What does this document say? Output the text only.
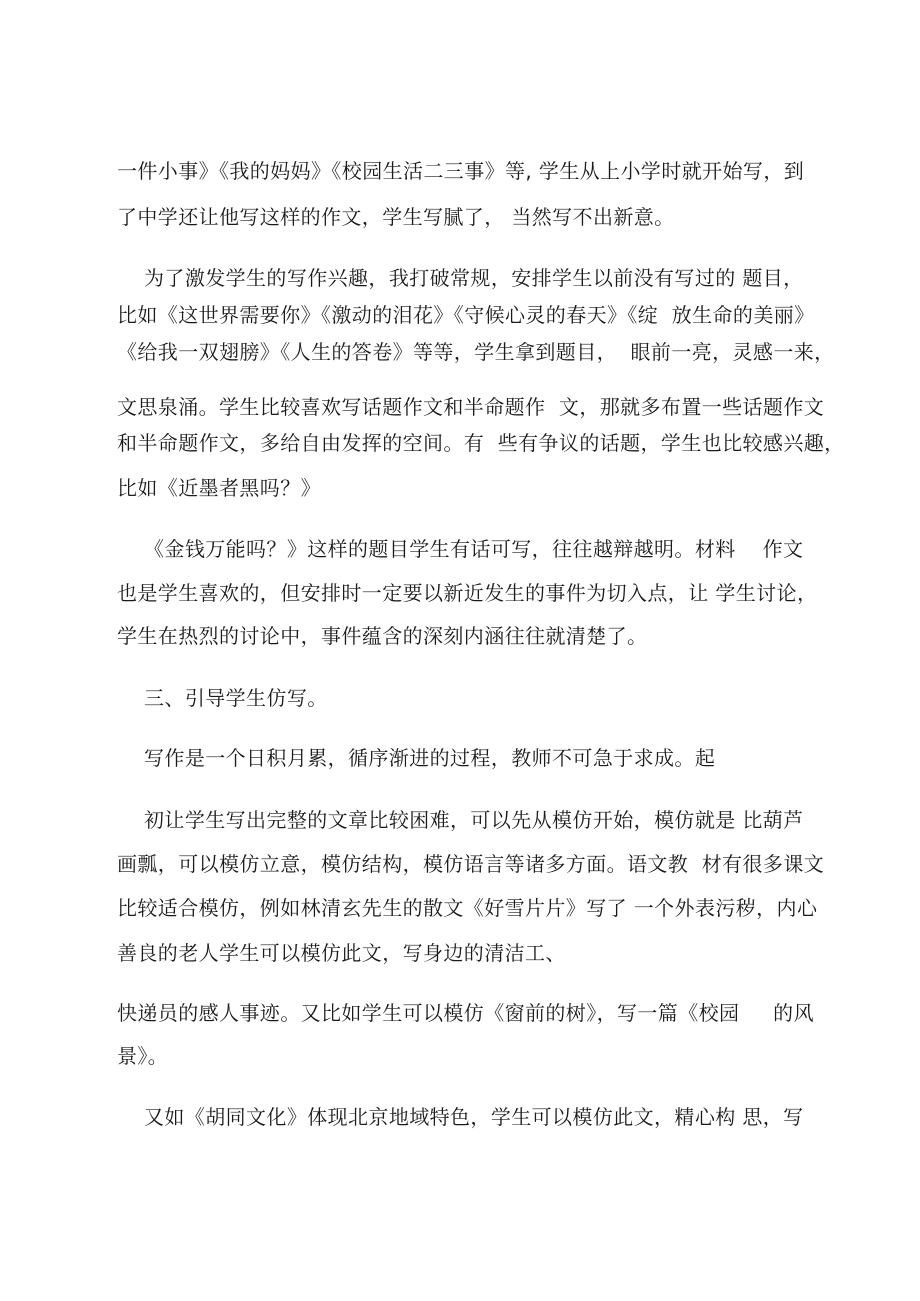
一件小事》《我的妈妈》《校园生活二三事》等, 学生从上小学时就开始写，到
了中学还让他写这样的作文，学生写腻了， 当然写不出新意。
为了激发学生的写作兴趣，我打破常规，安排学生以前没有写过的 题目，
比如《这世界需要你》《激动的泪花》《守候心灵的春天》《绽  放生命的美丽》
《给我一双翅膀》《人生的答卷》等等，学生拿到题目，  眼前一亮，灵感一来，
文思泉涌。学生比较喜欢写话题作文和半命题作  文，那就多布置一些话题作文
和半命题作文，多给自由发挥的空间。有  些有争议的话题，学生也比较感兴趣，
比如《近墨者黑吗？》
《金钱万能吗？》这样的题目学生有话可写，往往越辩越明。材料    作文
也是学生喜欢的，但安排时一定要以新近发生的事件为切入点，让 学生讨论，
学生在热烈的讨论中，事件蕴含的深刻内涵往往就清楚了。
三、引导学生仿写。
写作是一个日积月累，循序渐进的过程，教师不可急于求成。起
初让学生写出完整的文章比较困难，可以先从模仿开始，模仿就是 比葫芦
画瓢，可以模仿立意，模仿结构，模仿语言等诸多方面。语文教  材有很多课文
比较适合模仿，例如林清玄先生的散文《好雪片片》写了 一个外表污秽，内心
善良的老人学生可以模仿此文，写身边的清洁工、
快递员的感人事迹。又比如学生可以模仿《窗前的树》，写一篇《校园     的风
景》。
又如《胡同文化》体现北京地域特色，学生可以模仿此文，精心构 思，写
